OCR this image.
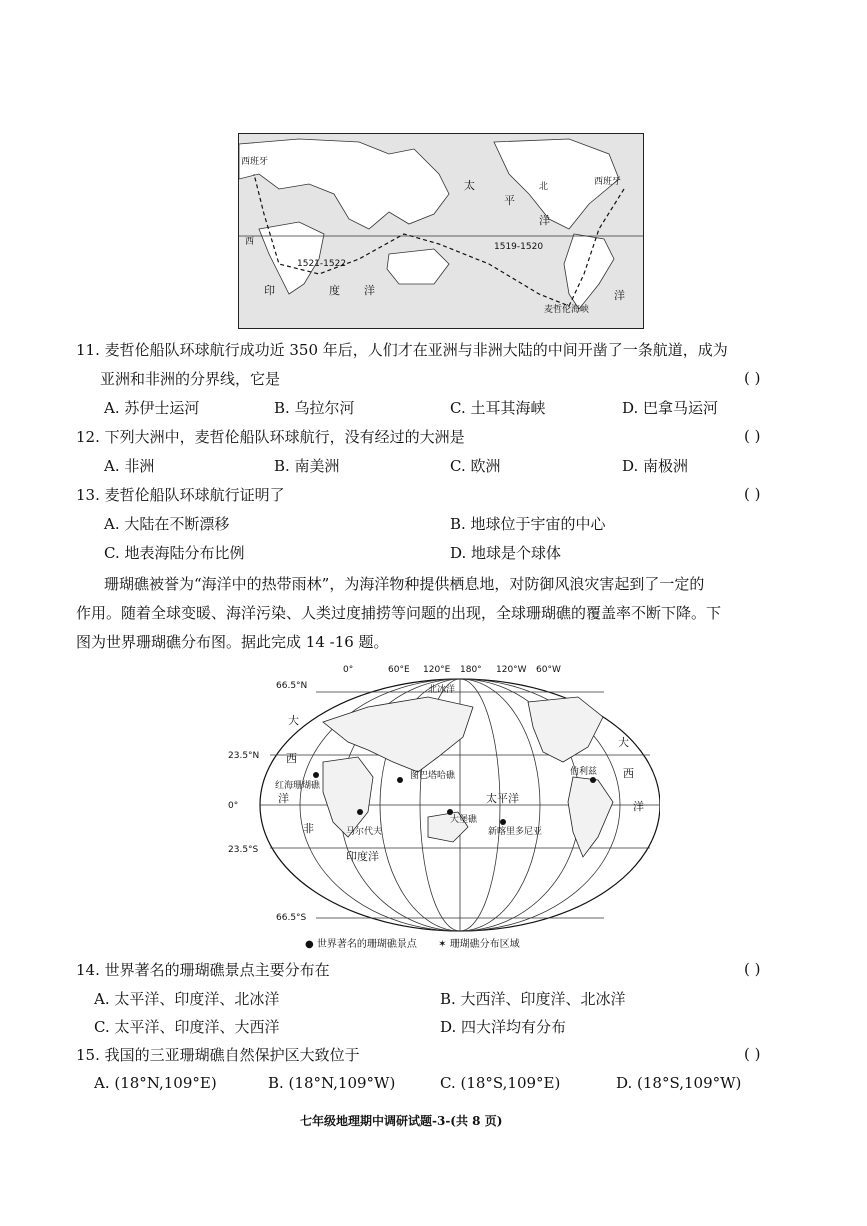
西班牙
西
1521-1522
印	度 洋
太
平
洋
北	西班牙
1519-1520
麦哲伦海峡
洋
11. 麦哲伦船队环球航行成功近 350 年后，人们才在亚洲与非洲大陆的中间开凿了一条航道，成为
亚洲和非洲的分界线，它是	( )
A. 苏伊士运河	B. 乌拉尔河	C. 土耳其海峡	D. 巴拿马运河
12. 下列大洲中，麦哲伦船队环球航行，没有经过的大洲是	( )
A. 非洲	B. 南美洲	C. 欧洲	D. 南极洲
13. 麦哲伦船队环球航行证明了	( )
A. 大陆在不断漂移	B. 地球位于宇宙的中心
C. 地表海陆分布比例	D. 地球是个球体
珊瑚礁被誉为“海洋中的热带雨林”，为海洋物种提供栖息地，对防御风浪灾害起到了一定的
作用。随着全球变暖、海洋污染、人类过度捕捞等问题的出现，全球珊瑚礁的覆盖率不断下降。下
图为世界珊瑚礁分布图。据此完成 14 -16 题。
0°	60°E 120°E 180° 120°W 60°W
66.5°N
23.5°N
0°
23.5°S
66.5°S
北冰洋
太平洋
印度洋
大
西
洋
大
西
洋
非
红海珊瑚礁
马尔代夫
图巴塔哈礁
大堡礁
新喀里多尼亚
伯利兹
● 世界著名的珊瑚礁景点 ✶ 珊瑚礁分布区域
14. 世界著名的珊瑚礁景点主要分布在	( )
A. 太平洋、印度洋、北冰洋	B. 大西洋、印度洋、北冰洋
C. 太平洋、印度洋、大西洋	D. 四大洋均有分布
15. 我国的三亚珊瑚礁自然保护区大致位于	( )
A. (18°N,109°E)	B. (18°N,109°W)	C. (18°S,109°E)	D. (18°S,109°W)
七年级地理期中调研试题-3-(共 8 页)
